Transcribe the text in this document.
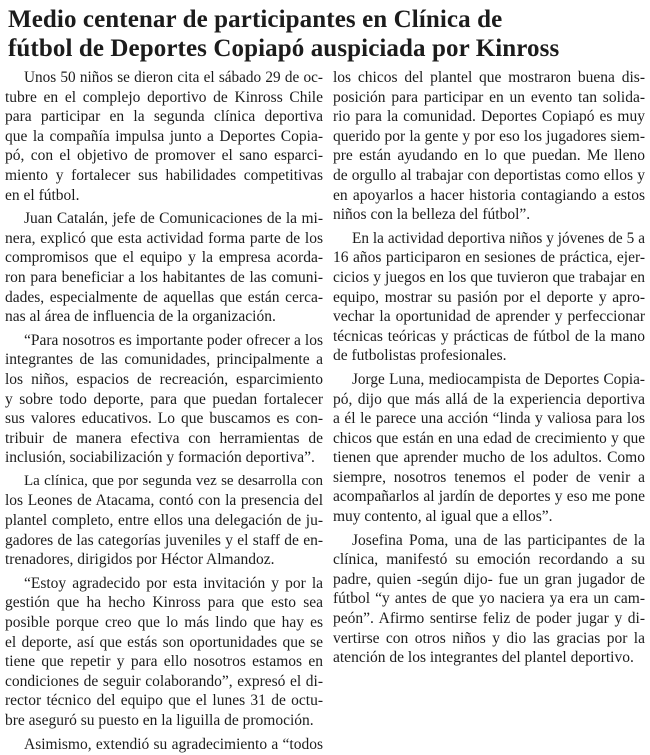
Medio centenar de participantes en Clínica de
fútbol de Deportes Copiapó auspiciada por Kinross
Unos 50 niños se dieron cita el sábado 29 de oc-
tubre en el complejo deportivo de Kinross Chile
para participar en la segunda clínica deportiva
que la compañía impulsa junto a Deportes Copia-
pó, con el objetivo de promover el sano esparci-
miento y fortalecer sus habilidades competitivas
en el fútbol.
Juan Catalán, jefe de Comunicaciones de la mi-
nera, explicó que esta actividad forma parte de los
compromisos que el equipo y la empresa acorda-
ron para beneficiar a los habitantes de las comuni-
dades, especialmente de aquellas que están cerca-
nas al área de influencia de la organización.
“Para nosotros es importante poder ofrecer a los
integrantes de las comunidades, principalmente a
los niños, espacios de recreación, esparcimiento
y sobre todo deporte, para que puedan fortalecer
sus valores educativos. Lo que buscamos es con-
tribuir de manera efectiva con herramientas de
inclusión, sociabilización y formación deportiva”.
La clínica, que por segunda vez se desarrolla con
los Leones de Atacama, contó con la presencia del
plantel completo, entre ellos una delegación de ju-
gadores de las categorías juveniles y el staff de en-
trenadores, dirigidos por Héctor Almandoz.
“Estoy agradecido por esta invitación y por la
gestión que ha hecho Kinross para que esto sea
posible porque creo que lo más lindo que hay es
el deporte, así que estás son oportunidades que se
tiene que repetir y para ello nosotros estamos en
condiciones de seguir colaborando”, expresó el di-
rector técnico del equipo que el lunes 31 de octu-
bre aseguró su puesto en la liguilla de promoción.
Asimismo, extendió su agradecimiento a “todos
los chicos del plantel que mostraron buena dis-
posición para participar en un evento tan solida-
rio para la comunidad. Deportes Copiapó es muy
querido por la gente y por eso los jugadores siem-
pre están ayudando en lo que puedan. Me lleno
de orgullo al trabajar con deportistas como ellos y
en apoyarlos a hacer historia contagiando a estos
niños con la belleza del fútbol”.
En la actividad deportiva niños y jóvenes de 5 a
16 años participaron en sesiones de práctica, ejer-
cicios y juegos en los que tuvieron que trabajar en
equipo, mostrar su pasión por el deporte y apro-
vechar la oportunidad de aprender y perfeccionar
técnicas teóricas y prácticas de fútbol de la mano
de futbolistas profesionales.
Jorge Luna, mediocampista de Deportes Copia-
pó, dijo que más allá de la experiencia deportiva
a él le parece una acción “linda y valiosa para los
chicos que están en una edad de crecimiento y que
tienen que aprender mucho de los adultos. Como
siempre, nosotros tenemos el poder de venir a
acompañarlos al jardín de deportes y eso me pone
muy contento, al igual que a ellos”.
Josefina Poma, una de las participantes de la
clínica, manifestó su emoción recordando a su
padre, quien -según dijo- fue un gran jugador de
fútbol “y antes de que yo naciera ya era un cam-
peón”. Afirmo sentirse feliz de poder jugar y di-
vertirse con otros niños y dio las gracias por la
atención de los integrantes del plantel deportivo.
